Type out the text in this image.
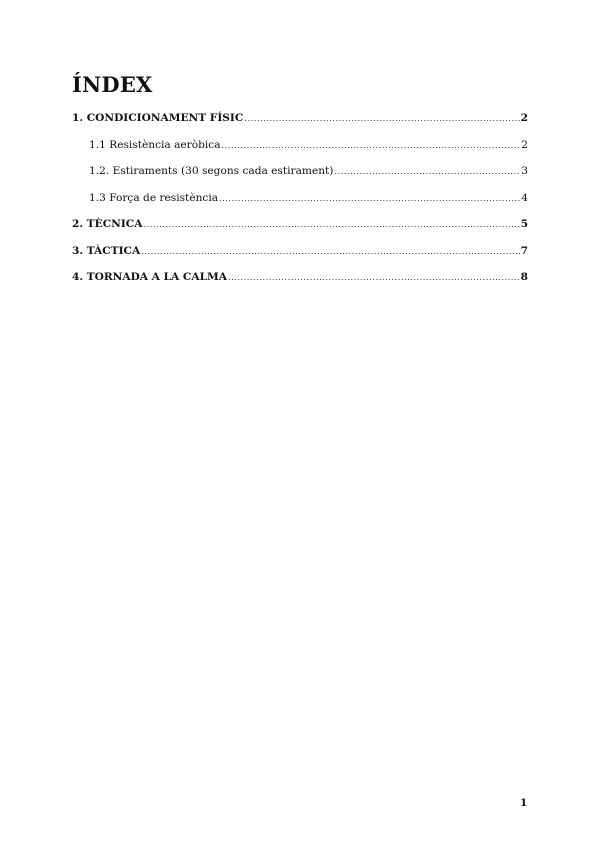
ÍNDEX
1. CONDICIONAMENT FÍSIC .....	2
1.1 Resistència aeròbica .....	2
1.2. Estiraments (30 segons cada estirament) .....	3
1.3 Força de resistència .....	4
2. TÈCNICA .....	5
3. TÀCTICA .....	7
4. TORNADA A LA CALMA .....	8
1
